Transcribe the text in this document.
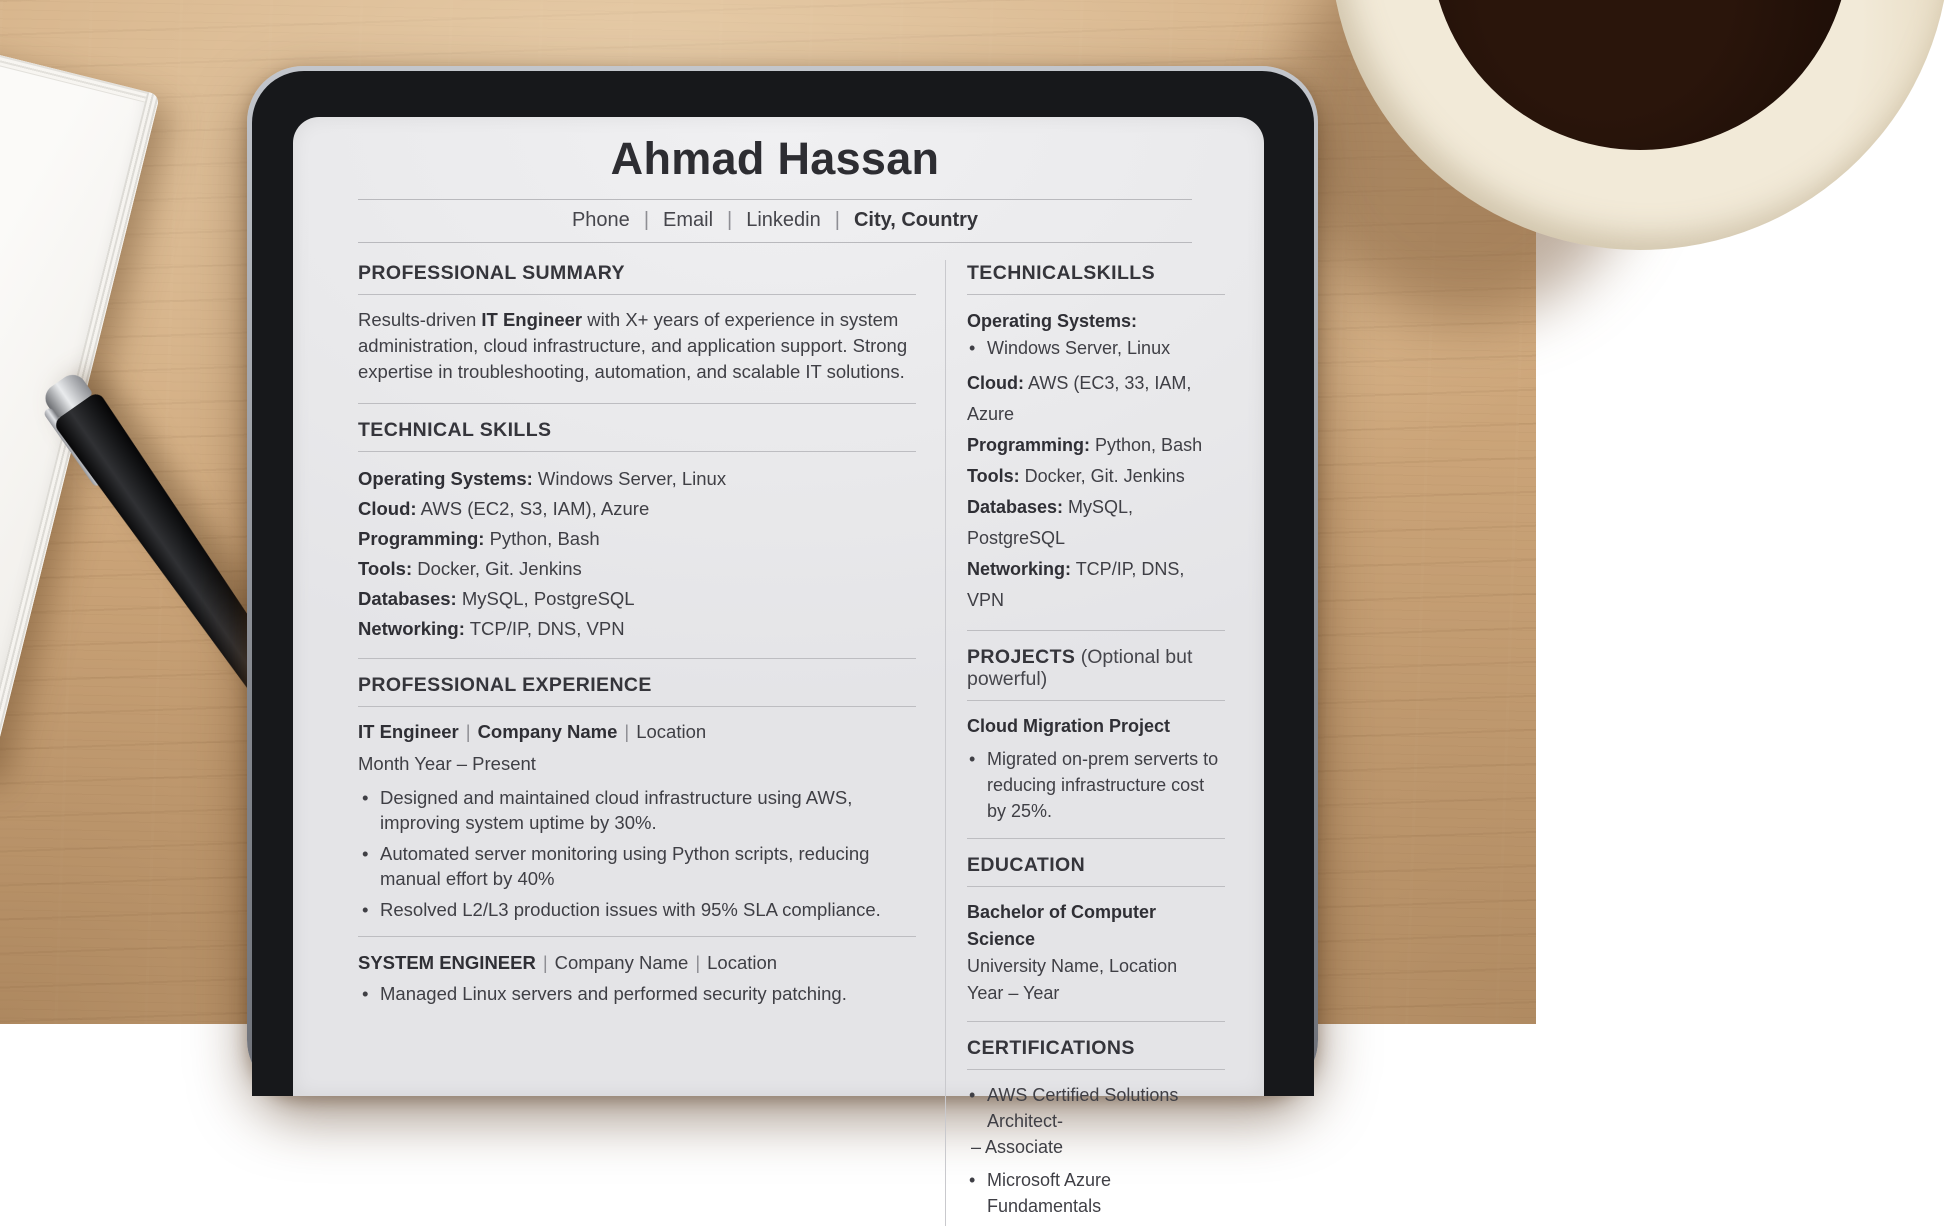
Ahmad Hassan
Phone | Email | Linkedin | City, Country
PROFESSIONAL SUMMARY

Results-driven IT Engineer with X+ years of experience in system administration, cloud infrastructure, and application support. Strong expertise in troubleshooting, automation, and scalable IT solutions.

TECHNICAL SKILLS
Operating Systems: Windows Server, Linux
Cloud: AWS (EC2, S3, IAM), Azure
Programming: Python, Bash
Tools: Docker, Git. Jenkins
Databases: MySQL, PostgreSQL
Networking: TCP/IP, DNS, VPN
PROFESSIONAL EXPERIENCE
IT Engineer | Company Name | Location
Month Year – Present
• Designed and maintained cloud infrastructure using AWS, improving system uptime by 30%.
• Automated server monitoring using Python scripts, reducing manual effort by 40%
• Resolved L2/L3 production issues with 95% SLA compliance.
SYSTEM ENGINEER | Company Name | Location
• Managed Linux servers and performed security patching.
TECHNICALSKILLS
Operating Systems:
• Windows Server, Linux
Cloud: AWS (EC3, 33, IAM, Azure
Programming: Python, Bash
Tools: Docker, Git. Jenkins
Databases: MySQL, PostgreSQL
Networking: TCP/IP, DNS, VPN
PROJECTS (Optional but powerful)
Cloud Migration Project
• Migrated on-prem serverts to
reducing infrastructure cost by 25%.
EDUCATION
Bachelor of Computer Science
University Name, Location
Year – Year
CERTIFICATIONS
• AWS Certified Solutions Architect-
– Associate
• Microsoft Azure Fundamentals
